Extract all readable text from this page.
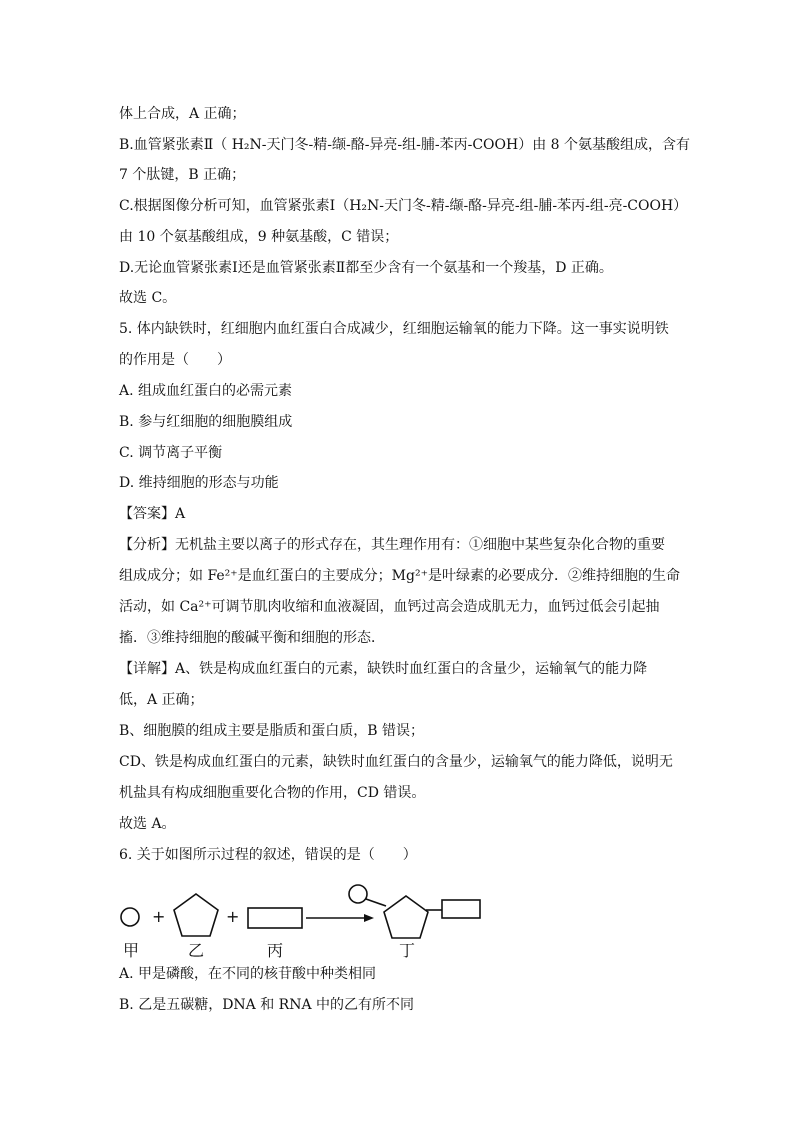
体上合成，A 正确；
B.血管紧张素Ⅱ（ H₂N-天门冬-精-缬-酪-异亮-组-脯-苯丙-COOH）由 8 个氨基酸组成，含有
7 个肽键，B 正确；
C.根据图像分析可知，血管紧张素Ⅰ（H₂N-天门冬-精-缬-酪-异亮-组-脯-苯丙-组-亮-COOH）
由 10 个氨基酸组成，9 种氨基酸，C 错误；
D.无论血管紧张素Ⅰ还是血管紧张素Ⅱ都至少含有一个氨基和一个羧基，D 正确。
故选 C。
5. 体内缺铁时，红细胞内血红蛋白合成减少，红细胞运输氧的能力下降。这一事实说明铁
的作用是（　　）
A. 组成血红蛋白的必需元素
B. 参与红细胞的细胞膜组成
C. 调节离子平衡
D. 维持细胞的形态与功能
【答案】A
【分析】无机盐主要以离子的形式存在，其生理作用有：①细胞中某些复杂化合物的重要
组成成分；如 Fe²⁺是血红蛋白的主要成分；Mg²⁺是叶绿素的必要成分．②维持细胞的生命
活动，如 Ca²⁺可调节肌肉收缩和血液凝固，血钙过高会造成肌无力，血钙过低会引起抽
搐．③维持细胞的酸碱平衡和细胞的形态．
【详解】A、铁是构成血红蛋白的元素，缺铁时血红蛋白的含量少，运输氧气的能力降
低，A 正确；
B、细胞膜的组成主要是脂质和蛋白质，B 错误；
CD、铁是构成血红蛋白的元素，缺铁时血红蛋白的含量少，运输氧气的能力降低，说明无
机盐具有构成细胞重要化合物的作用，CD 错误。
故选 A。
6. 关于如图所示过程的叙述，错误的是（　　）
+	+
甲	乙	丙	丁
A. 甲是磷酸，在不同的核苷酸中种类相同
B. 乙是五碳糖，DNA 和 RNA 中的乙有所不同
